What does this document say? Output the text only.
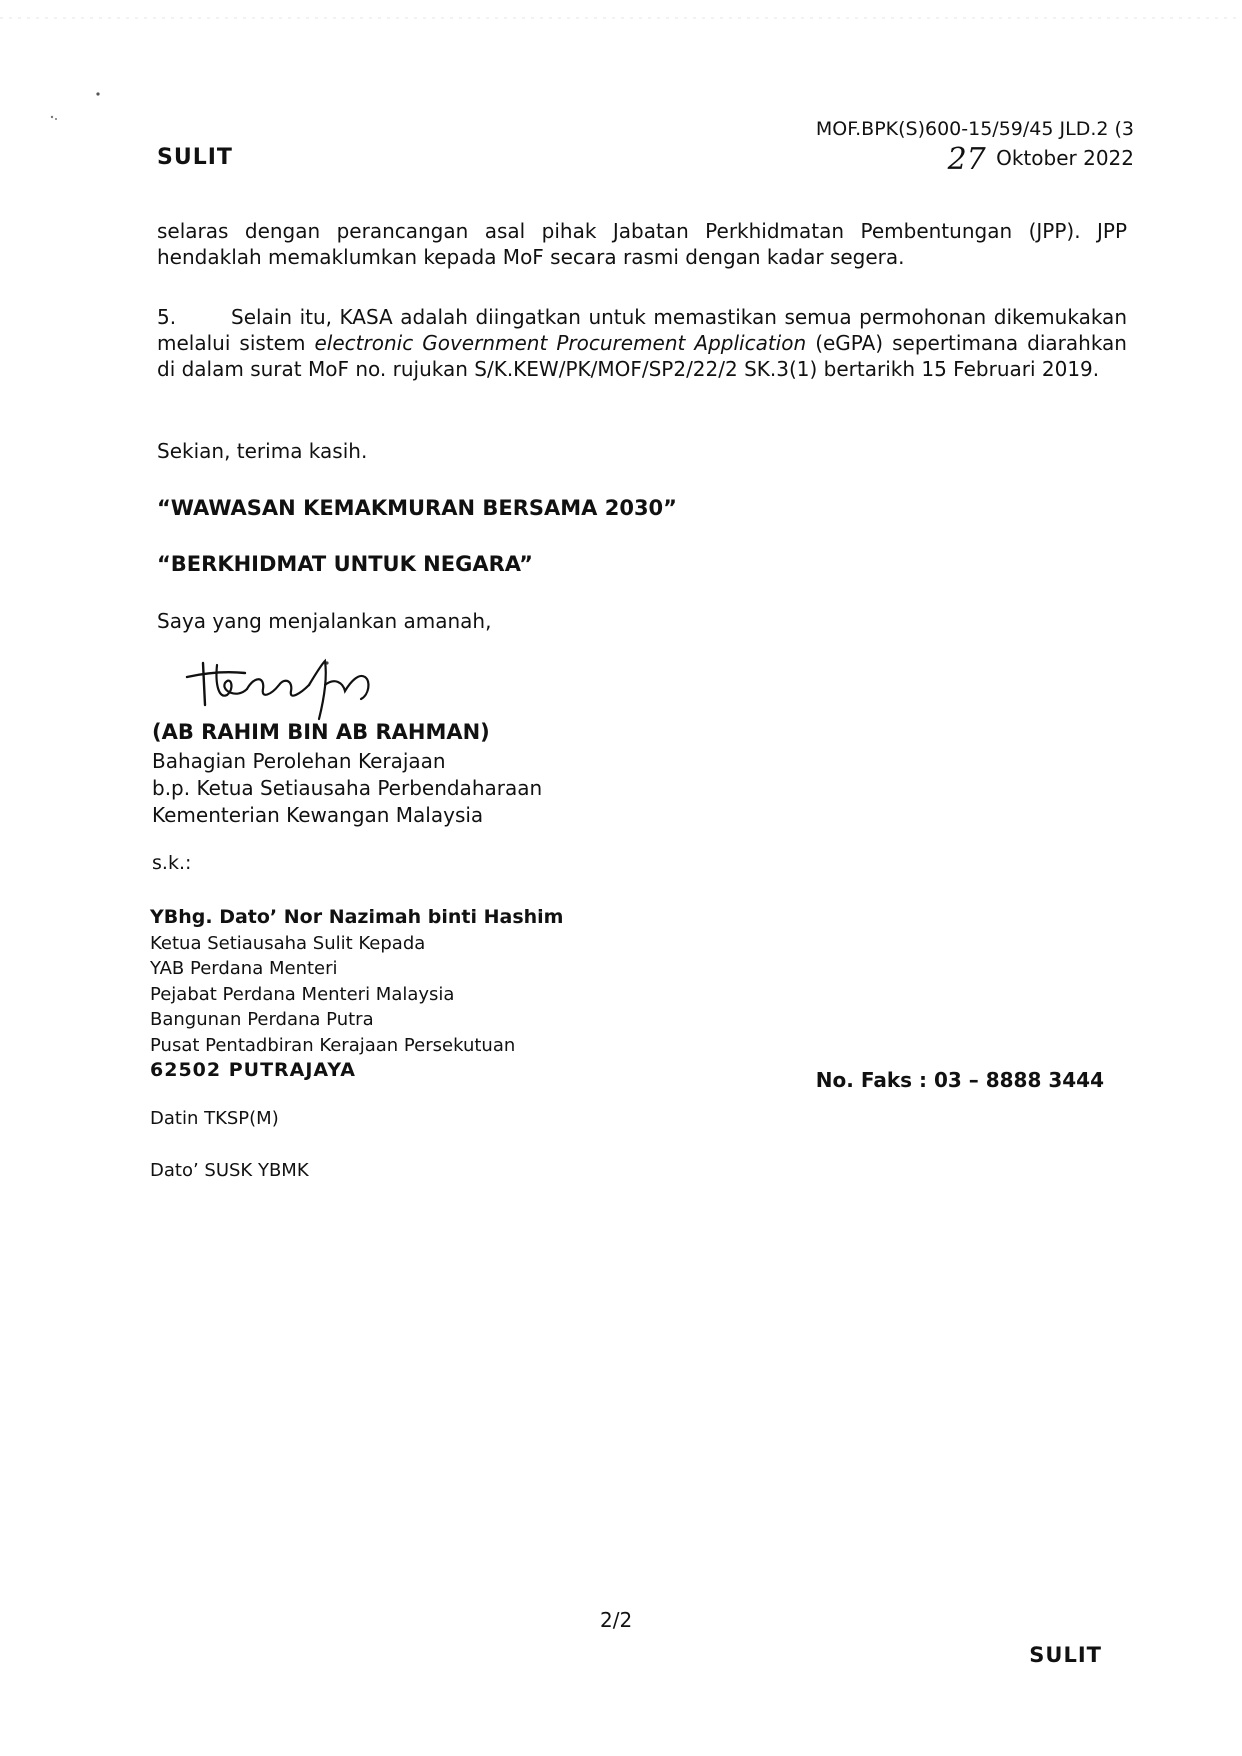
SULIT
MOF.BPK(S)600-15/59/45 JLD.2 (3
27 Oktober 2022
selaras dengan perancangan asal pihak Jabatan Perkhidmatan Pembentungan (JPP). JPP hendaklah memaklumkan kepada MoF secara rasmi dengan kadar segera.
5.	Selain itu, KASA adalah diingatkan untuk memastikan semua permohonan dikemukakan melalui sistem electronic Government Procurement Application (eGPA) sepertimana diarahkan di dalam surat MoF no. rujukan S/K.KEW/PK/MOF/SP2/22/2 SK.3(1) bertarikh 15 Februari 2019.
Sekian, terima kasih.
“WAWASAN KEMAKMURAN BERSAMA 2030”
“BERKHIDMAT UNTUK NEGARA”
Saya yang menjalankan amanah,
(AB RAHIM BIN AB RAHMAN)
Bahagian Perolehan Kerajaan
b.p. Ketua Setiausaha Perbendaharaan
Kementerian Kewangan Malaysia
s.k.:
YBhg. Dato’ Nor Nazimah binti Hashim
Ketua Setiausaha Sulit Kepada
YAB Perdana Menteri
Pejabat Perdana Menteri Malaysia
Bangunan Perdana Putra
Pusat Pentadbiran Kerajaan Persekutuan
62502 PUTRAJAYA	No. Faks : 03 – 8888 3444
Datin TKSP(M)
Dato’ SUSK YBMK
2/2
SULIT
